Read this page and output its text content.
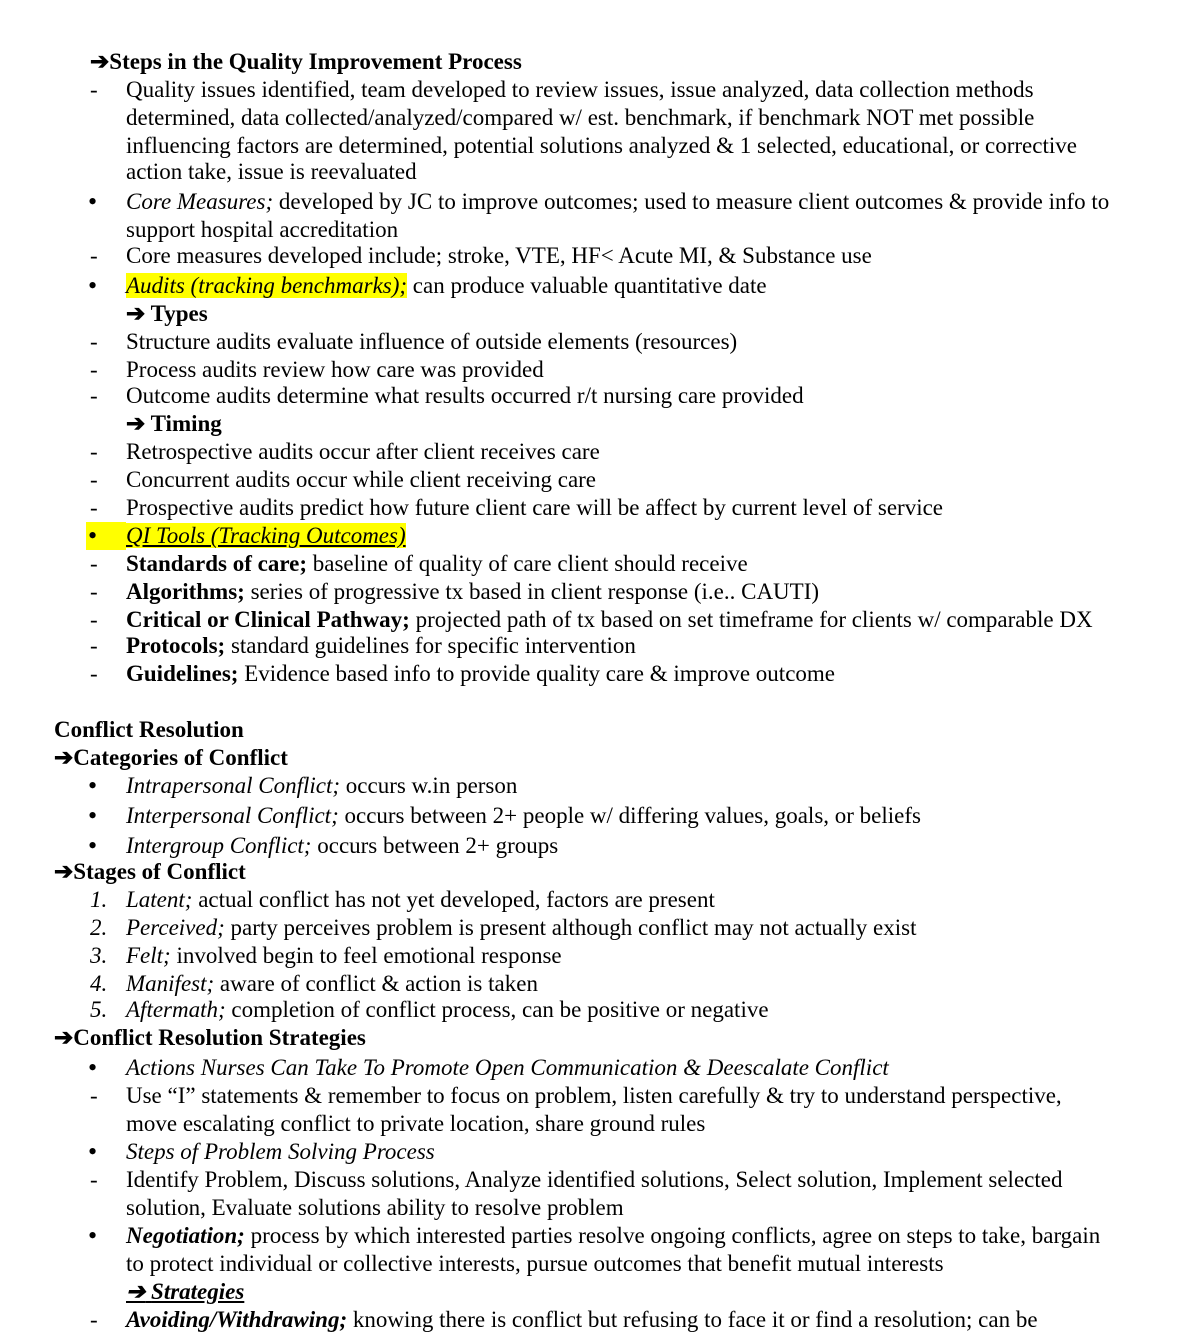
➔Steps in the Quality Improvement Process
- Quality issues identified, team developed to review issues, issue analyzed, data collection methods
determined, data collected/analyzed/compared w/ est. benchmark, if benchmark NOT met possible
influencing factors are determined, potential solutions analyzed & 1 selected, educational, or corrective
action take, issue is reevaluated
• Core Measures; developed by JC to improve outcomes; used to measure client outcomes & provide info to
support hospital accreditation
- Core measures developed include; stroke, VTE, HF< Acute MI, & Substance use
• Audits (tracking benchmarks); can produce valuable quantitative date
➔ Types
- Structure audits evaluate influence of outside elements (resources)
- Process audits review how care was provided
- Outcome audits determine what results occurred r/t nursing care provided
➔ Timing
- Retrospective audits occur after client receives care
- Concurrent audits occur while client receiving care
- Prospective audits predict how future client care will be affect by current level of service
•	QI Tools (Tracking Outcomes)
- Standards of care; baseline of quality of care client should receive
- Algorithms; series of progressive tx based in client response (i.e.. CAUTI)
- Critical or Clinical Pathway; projected path of tx based on set timeframe for clients w/ comparable DX
- Protocols; standard guidelines for specific intervention
- Guidelines; Evidence based info to provide quality care & improve outcome
Conflict Resolution
➔Categories of Conflict
• Intrapersonal Conflict; occurs w.in person
• Interpersonal Conflict; occurs between 2+ people w/ differing values, goals, or beliefs
• Intergroup Conflict; occurs between 2+ groups
➔Stages of Conflict
1. Latent; actual conflict has not yet developed, factors are present
2. Perceived; party perceives problem is present although conflict may not actually exist
3. Felt; involved begin to feel emotional response
4. Manifest; aware of conflict & action is taken
5. Aftermath; completion of conflict process, can be positive or negative
➔Conflict Resolution Strategies
• Actions Nurses Can Take To Promote Open Communication & Deescalate Conflict
- Use “I” statements & remember to focus on problem, listen carefully & try to understand perspective,
move escalating conflict to private location, share ground rules
• Steps of Problem Solving Process
- Identify Problem, Discuss solutions, Analyze identified solutions, Select solution, Implement selected
solution, Evaluate solutions ability to resolve problem
• Negotiation; process by which interested parties resolve ongoing conflicts, agree on steps to take, bargain
to protect individual or collective interests, pursue outcomes that benefit mutual interests
➔ Strategies
- Avoiding/Withdrawing; knowing there is conflict but refusing to face it or find a resolution; can be
